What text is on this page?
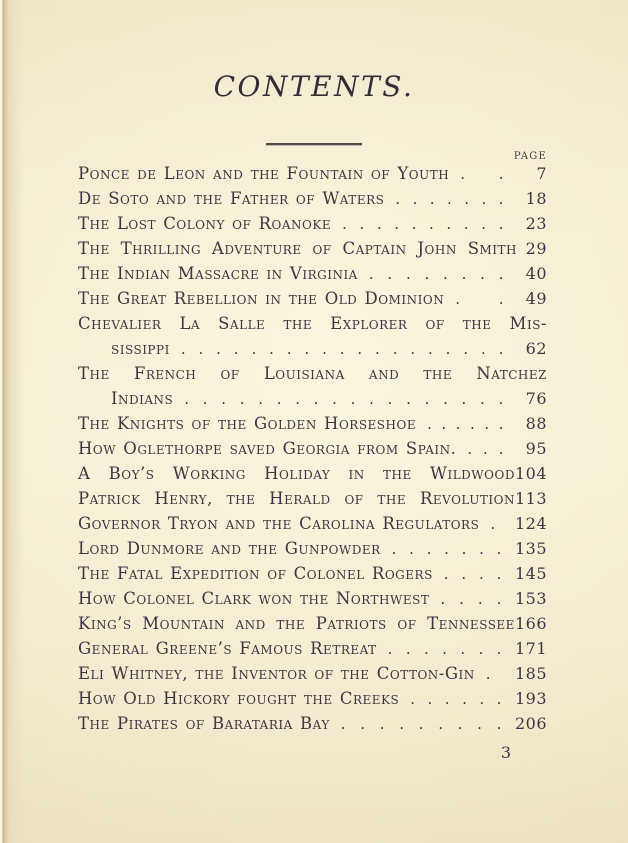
CONTENTS.
PAGE
Ponce de Leon and the Fountain of Youth . .	7
De Soto and the Father of Waters . . . . . . .	18
The Lost Colony of Roanoke . . . . . . . . . .	23
The Thrilling Adventure of Captain John Smith 29
The Indian Massacre in Virginia . . . . . . . .	40
The Great Rebellion in the Old Dominion .	.	49
Chevalier La Salle the Explorer of the Mis-
sissippi . . . . . . . . . . . . . . . . . . .	62
The French of Louisiana and the Natchez
Indians . . . . . . . . . . . . . . . . . .	76
The Knights of the Golden Horseshoe . . . . . .	88
How Oglethorpe saved Georgia from Spain. . . .	95
A Boy’s Working Holiday in the Wildwood 104
Patrick Henry, the Herald of the Revolution 113
Governor Tryon and the Carolina Regulators . 124
Lord Dunmore and the Gunpowder . . . . . . . 135
The Fatal Expedition of Colonel Rogers . . . . 145
How Colonel Clark won the Northwest . . . . 153
King’s Mountain and the Patriots of Tennessee 166
General Greene’s Famous Retreat . . . . . . . 171
Eli Whitney, the Inventor of the Cotton-Gin . 185
How Old Hickory fought the Creeks . . . . . . 193
The Pirates of Barataria Bay . . . . . . . . . 206
3
